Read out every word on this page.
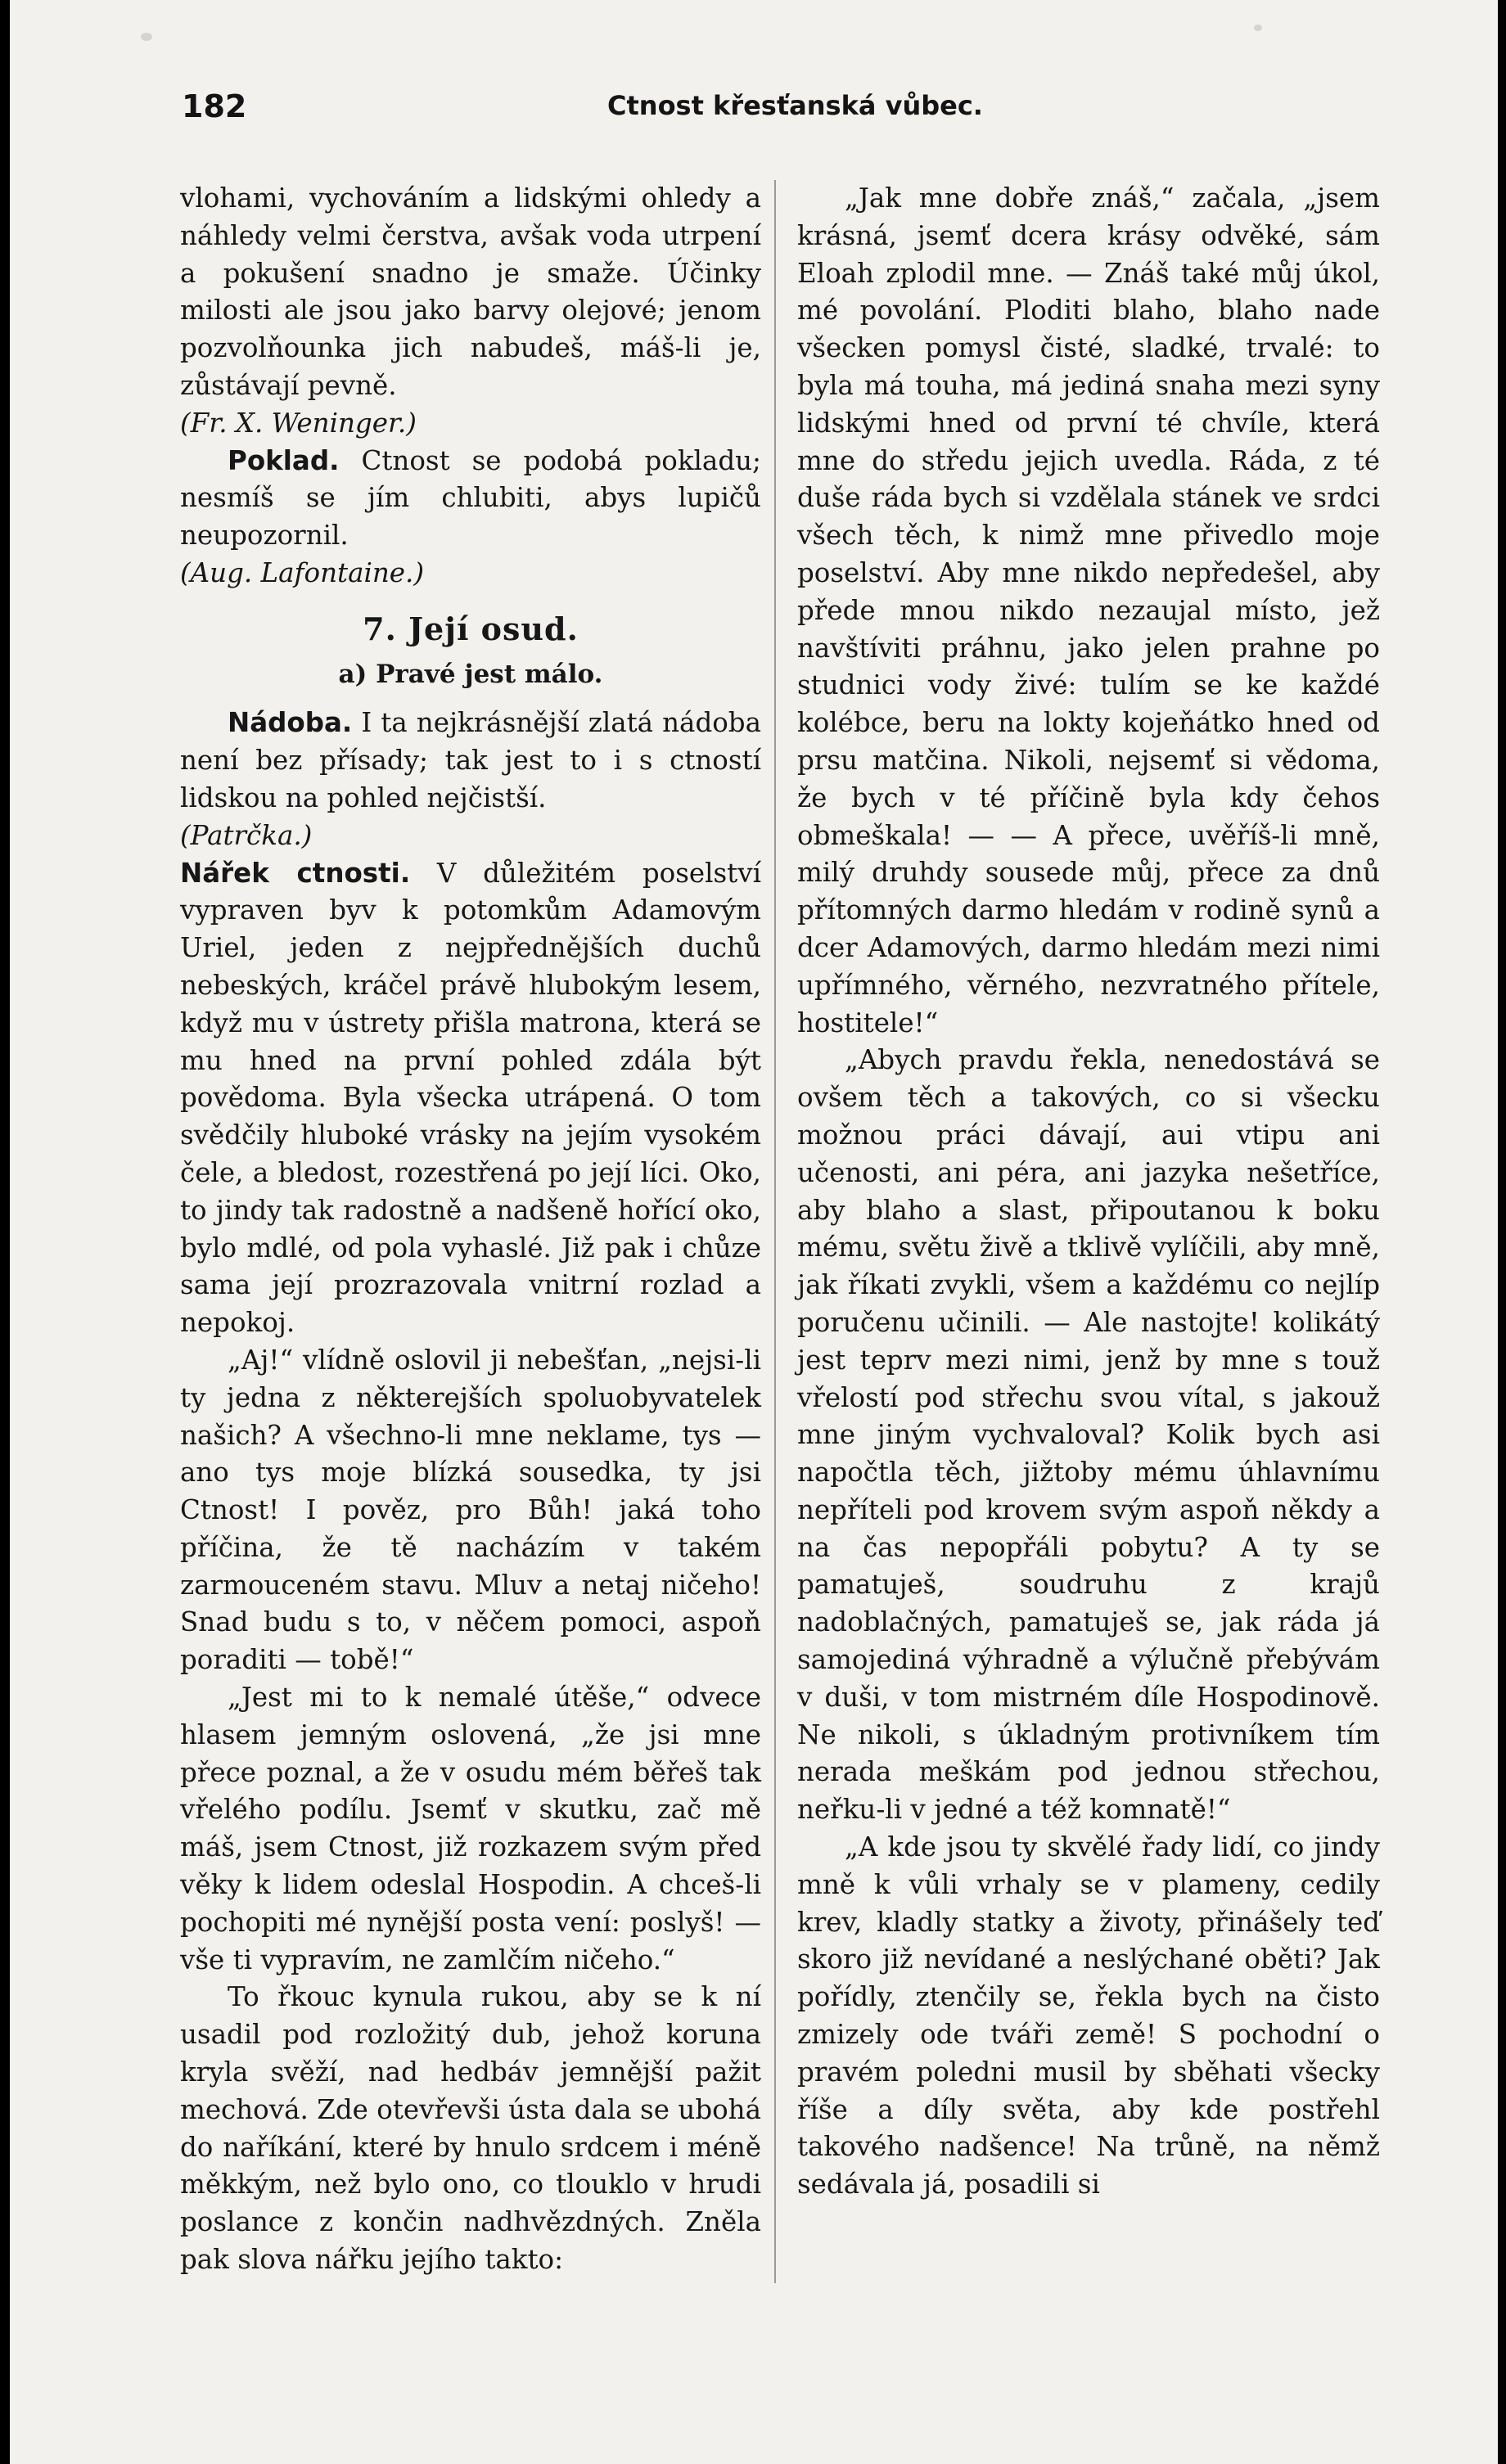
182	Ctnost křesťanská vůbec.

vlohami, vychováním a lidskými ohledy a náhledy velmi čerstva, avšak voda utrpení a pokušení snadno je smaže. Účinky milosti ale jsou jako barvy olejové; jenom pozvolňounka jich nabudeš, máš-li je, zůstávají pevně.

(Fr. X. Weninger.)

Poklad. Ctnost se podobá pokladu; nesmíš se jím chlubiti, abys lupičů neupozornil.

(Aug. Lafontaine.)

7. Její osud.
a) Pravé jest málo.

Nádoba. I ta nejkrásnější zlatá nádoba není bez přísady; tak jest to i s ctností lidskou na pohled nejčistší.

(Patrčka.)

Nářek ctnosti. V důležitém poselství vypraven byv k potomkům Adamovým Uriel, jeden z nejpřednějších duchů nebeských, kráčel právě hlubokým lesem, když mu v ústrety přišla matrona, která se mu hned na první pohled zdála být povědoma. Byla všecka utrápená. O tom svědčily hluboké vrásky na jejím vysokém čele, a bledost, rozestřená po její líci. Oko, to jindy tak radostně a nadšeně hořící oko, bylo mdlé, od pola vyhaslé. Již pak i chůze sama její prozrazovala vnitrní rozlad a nepokoj.

„Aj!“ vlídně oslovil ji nebešťan, „nejsi-li ty jedna z některejších spoluobyvatelek našich? A všechno-li mne neklame, tys — ano tys moje blízká sousedka, ty jsi Ctnost! I pověz, pro Bůh! jaká toho příčina, že tě nacházím v takém zarmouceném stavu. Mluv a netaj ničeho! Snad budu s to, v něčem pomoci, aspoň poraditi — tobě!“

„Jest mi to k nemalé útěše,“ odvece hlasem jemným oslovená, „že jsi mne přece poznal, a že v osudu mém běřeš tak vřelého podílu. Jsemť v skutku, zač mě máš, jsem Ctnost, již rozkazem svým před věky k lidem odeslal Hospodin. A chceš-li pochopiti mé nynější posta vení: poslyš! — vše ti vypravím, ne zamlčím ničeho.“

To řkouc kynula rukou, aby se k ní usadil pod rozložitý dub, jehož koruna kryla svěží, nad hedbáv jemnější pažit mechová. Zde otevřevši ústa dala se ubohá do naříkání, které by hnulo srdcem i méně měkkým, než bylo ono, co tlouklo v hrudi poslance z končin nadhvězdných. Zněla pak slova nářku jejího takto:

„Jak mne dobře znáš,“ začala, „jsem krásná, jsemť dcera krásy odvěké, sám Eloah zplodil mne. — Znáš také můj úkol, mé povolání. Ploditi blaho, blaho nade všecken pomysl čisté, sladké, trvalé: to byla má touha, má jediná snaha mezi syny lidskými hned od první té chvíle, která mne do středu jejich uvedla. Ráda, z té duše ráda bych si vzdělala stánek ve srdci všech těch, k nimž mne přivedlo moje poselství. Aby mne nikdo nepředešel, aby přede mnou nikdo nezaujal místo, jež navštíviti práhnu, jako jelen prahne po studnici vody živé: tulím se ke každé kolébce, beru na lokty kojeňátko hned od prsu matčina. Nikoli, nejsemť si vědoma, že bych v té příčině byla kdy čehos obmeškala! — — A přece, uvěříš-li mně, milý druhdy sousede můj, přece za dnů přítomných darmo hledám v rodině synů a dcer Adamových, darmo hledám mezi nimi upřímného, věrného, nezvratného přítele, hostitele!“

„Abych pravdu řekla, nenedostává se ovšem těch a takových, co si všecku možnou práci dávají, aui vtipu ani učenosti, ani péra, ani jazyka nešetříce, aby blaho a slast, připoutanou k boku mému, světu živě a tklivě vylíčili, aby mně, jak říkati zvykli, všem a každému co nejlíp poručenu učinili. — Ale nastojte! kolikátý jest teprv mezi nimi, jenž by mne s touž vřelostí pod střechu svou vítal, s jakouž mne jiným vychvaloval? Kolik bych asi napočtla těch, jižtoby mému úhlavnímu nepříteli pod krovem svým aspoň někdy a na čas nepopřáli pobytu? A ty se pamatuješ, soudruhu z krajů nadoblačných, pamatuješ se, jak ráda já samojediná výhradně a výlučně přebývám v duši, v tom mistrném díle Hospodinově. Ne nikoli, s úkladným protivníkem tím nerada meškám pod jednou střechou, neřku-li v jedné a též komnatě!“

„A kde jsou ty skvělé řady lidí, co jindy mně k vůli vrhaly se v plameny, cedily krev, kladly statky a životy, přinášely teď skoro již nevídané a neslýchané oběti? Jak pořídly, ztenčily se, řekla bych na čisto zmizely ode tváři země! S pochodní o pravém poledni musil by sběhati všecky říše a díly světa, aby kde postřehl takového nadšence! Na trůně, na němž sedávala já, posadili si
